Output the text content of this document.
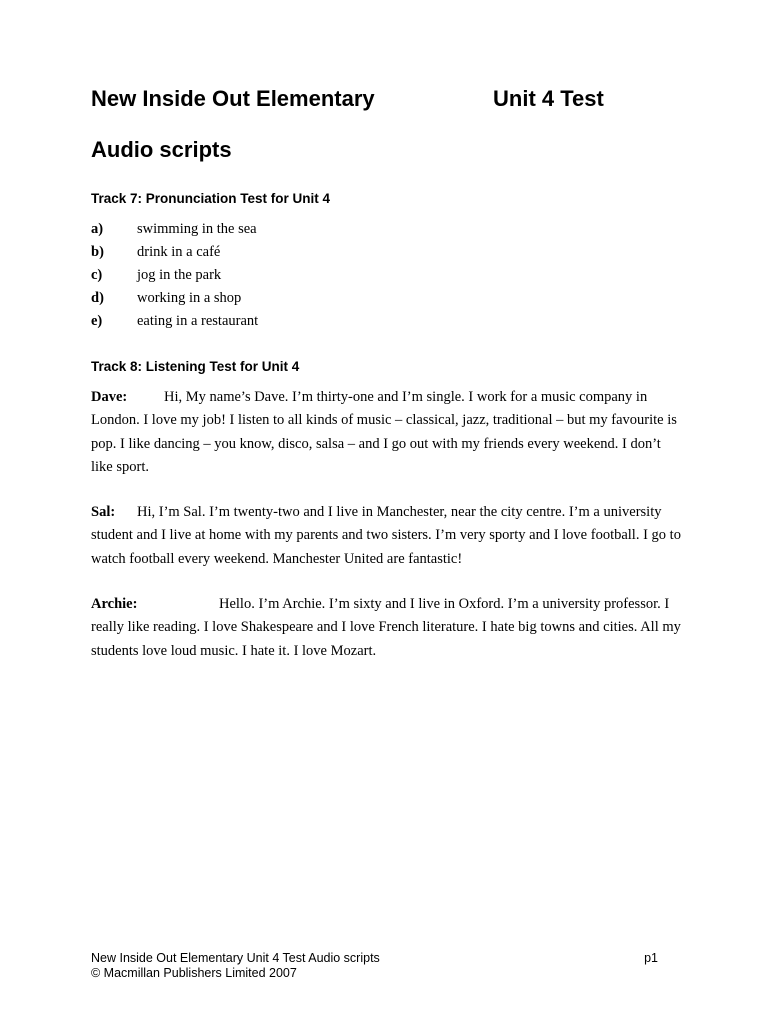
New Inside Out Elementary	Unit 4 Test
Audio scripts
Track 7: Pronunciation Test for Unit 4
a) swimming in the sea
b) drink in a café
c) jog in the park
d) working in a shop
e) eating in a restaurant
Track 8: Listening Test for Unit 4

Dave:	Hi, My name’s Dave. I’m thirty-one and I’m single. I work for a music company in London. I love my job! I listen to all kinds of music – classical, jazz, traditional – but my favourite is pop. I like dancing – you know, disco, salsa – and I go out with my friends every weekend. I don’t like sport.

Sal: Hi, I’m Sal. I’m twenty-two and I live in Manchester, near the city centre. I’m a university student and I live at home with my parents and two sisters. I’m very sporty and I love football. I go to watch football every weekend. Manchester United are fantastic!

Archie:	Hello. I’m Archie. I’m sixty and I live in Oxford. I’m a university professor. I really like reading. I love Shakespeare and I love French literature. I hate big towns and cities. All my students love loud music. I hate it. I love Mozart.

New Inside Out Elementary Unit 4 Test Audio scripts
© Macmillan Publishers Limited 2007
p1
